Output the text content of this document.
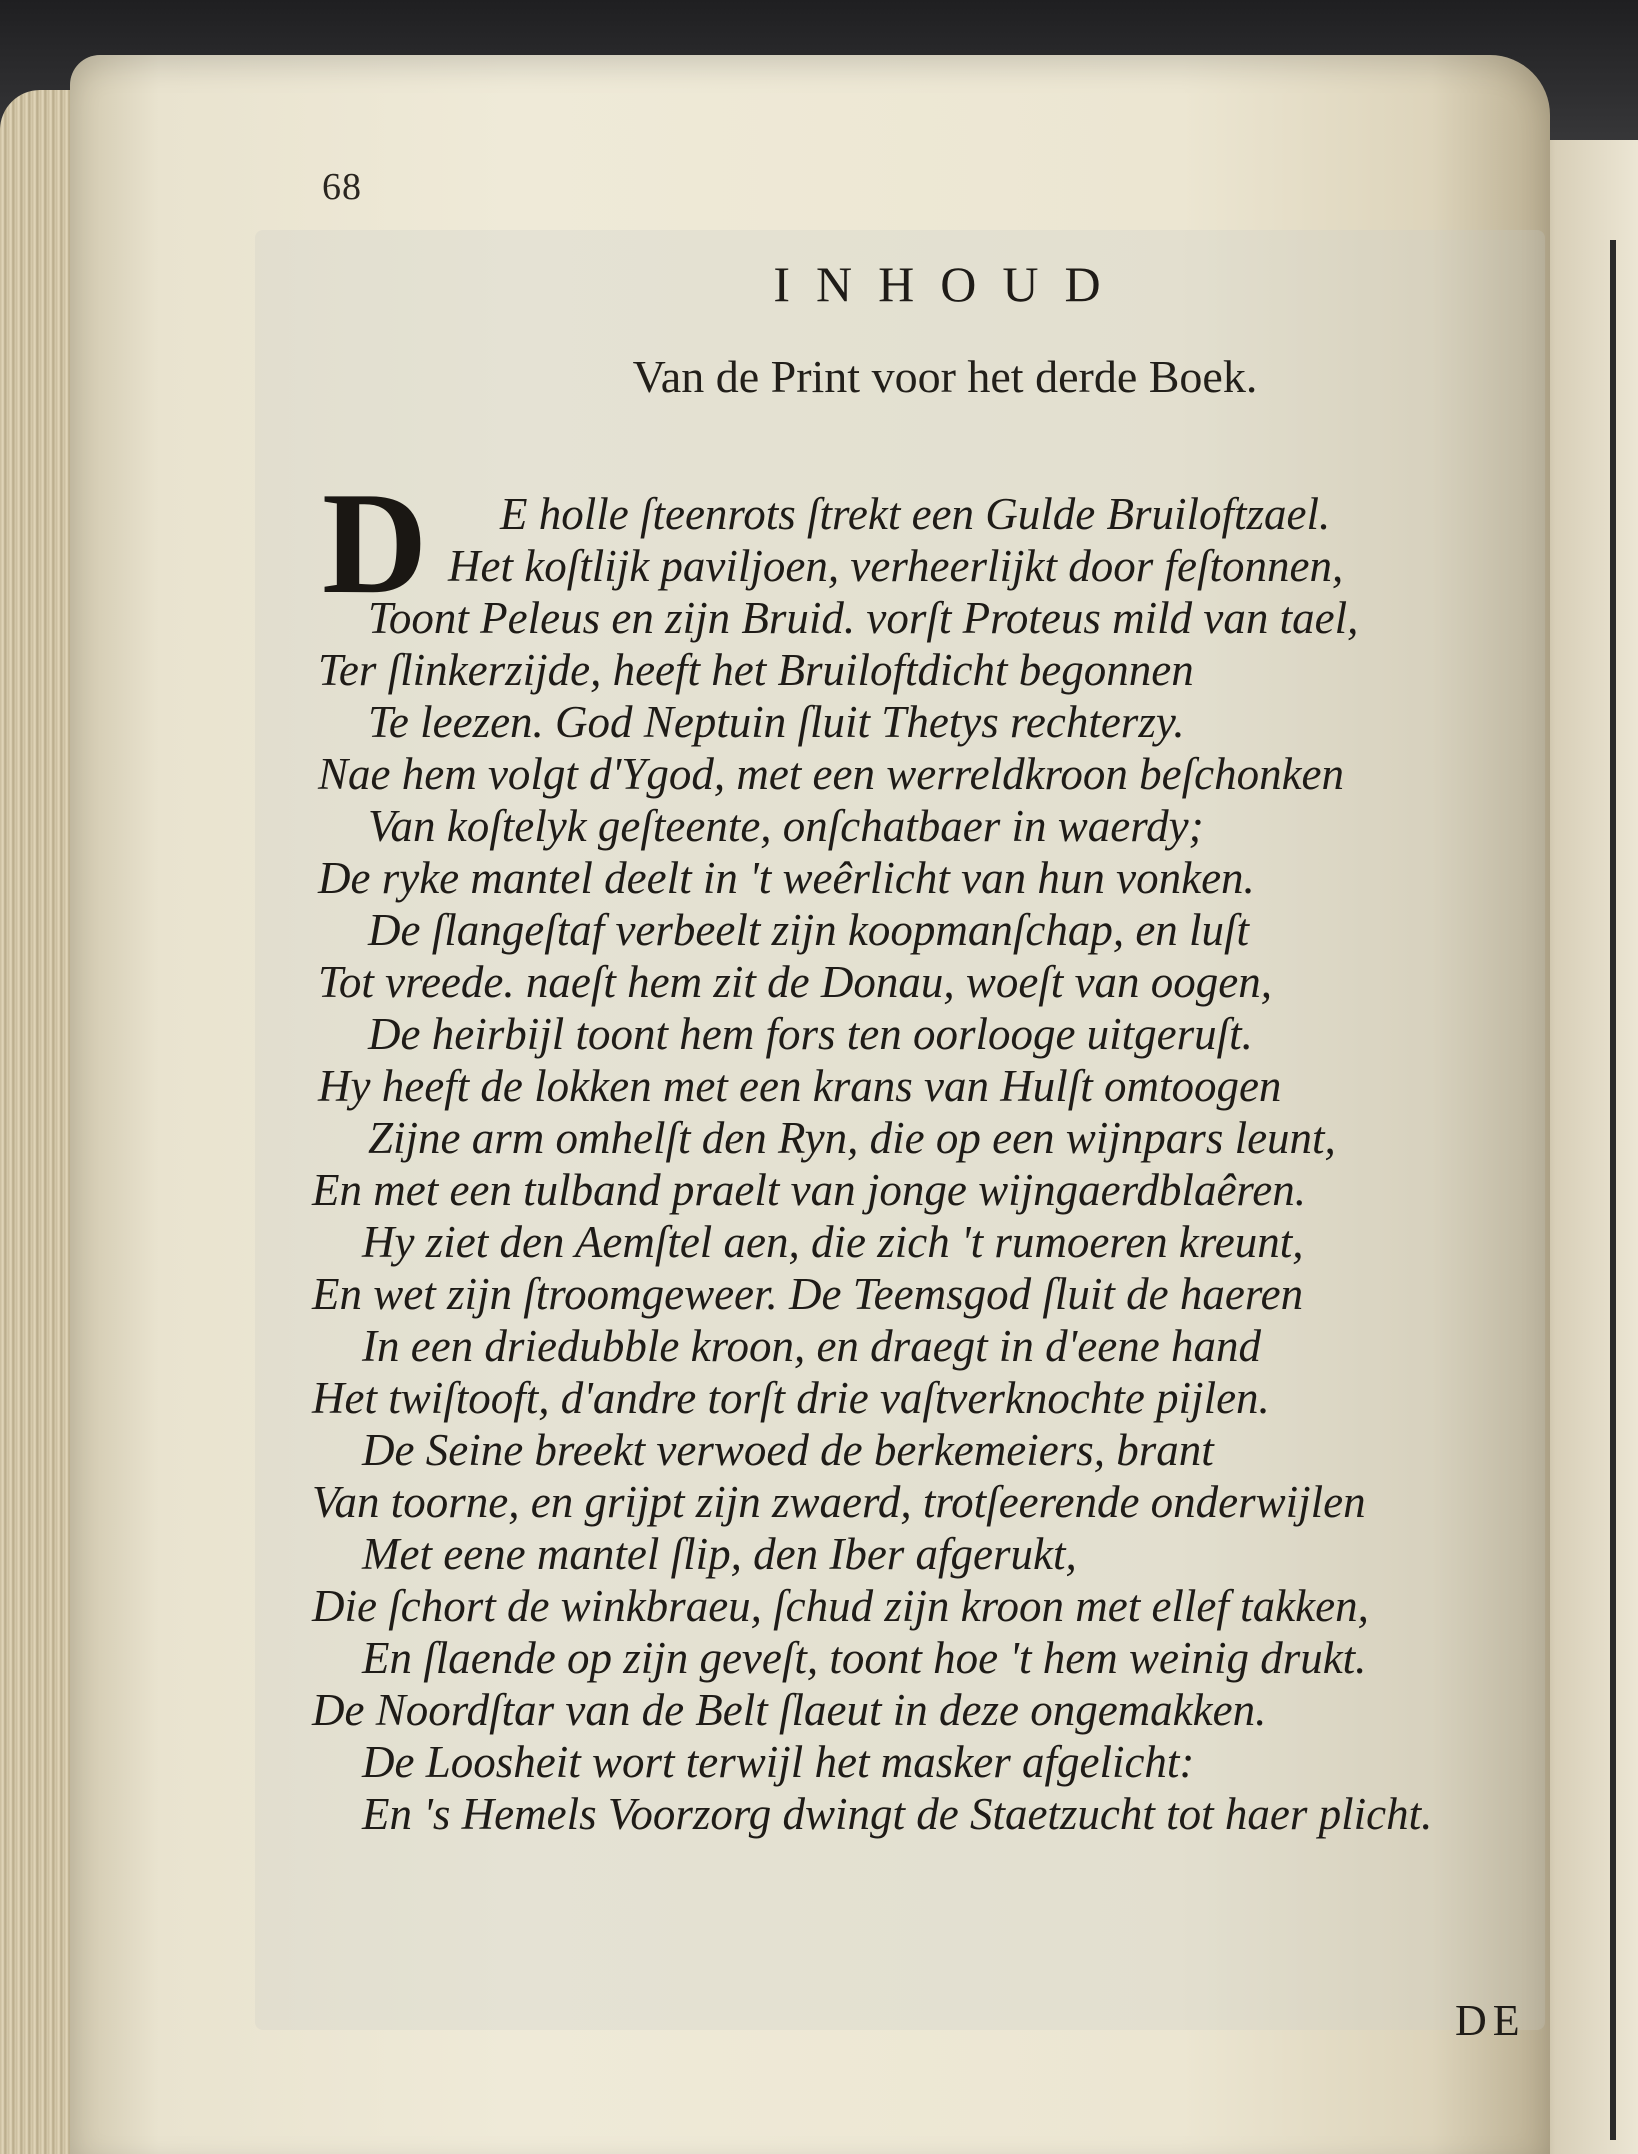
68
INHOUD
Van de Print voor het derde Boek.
D E holle ſteenrots ſtrekt een Gulde Bruiloftzael.
Het koſtlijk paviljoen, verheerlijkt door feſtonnen,
Toont Peleus en zijn Bruid. vorſt Proteus mild van tael,
Ter ſlinkerzijde, heeft het Bruiloftdicht begonnen
Te leezen. God Neptuin ſluit Thetys rechterzy.
Nae hem volgt d'Ygod, met een werreldkroon beſchonken
Van koſtelyk geſteente, onſchatbaer in waerdy;
De ryke mantel deelt in 't weêrlicht van hun vonken.
De ſlangeſtaf verbeelt zijn koopmanſchap, en luſt
Tot vreede. naeſt hem zit de Donau, woeſt van oogen,
De heirbijl toont hem fors ten oorlooge uitgeruſt.
Hy heeft de lokken met een krans van Hulſt omtoogen
Zijne arm omhelſt den Ryn, die op een wijnpars leunt,
En met een tulband praelt van jonge wijngaerdblaêren.
Hy ziet den Aemſtel aen, die zich 't rumoeren kreunt,
En wet zijn ſtroomgeweer. De Teemsgod ſluit de haeren
In een driedubble kroon, en draegt in d'eene hand
Het twiſtooft, d'andre torſt drie vaſtverknochte pijlen.
De Seine breekt verwoed de berkemeiers, brant
Van toorne, en grijpt zijn zwaerd, trotſeerende onderwijlen
Met eene mantel ſlip, den Iber afgerukt,
Die ſchort de winkbraeu, ſchud zijn kroon met ellef takken,
En ſlaende op zijn geveſt, toont hoe 't hem weinig drukt.
De Noordſtar van de Belt ſlaeut in deze ongemakken.
De Loosheit wort terwijl het masker afgelicht:
En 's Hemels Voorzorg dwingt de Staetzucht tot haer plicht.
DE
